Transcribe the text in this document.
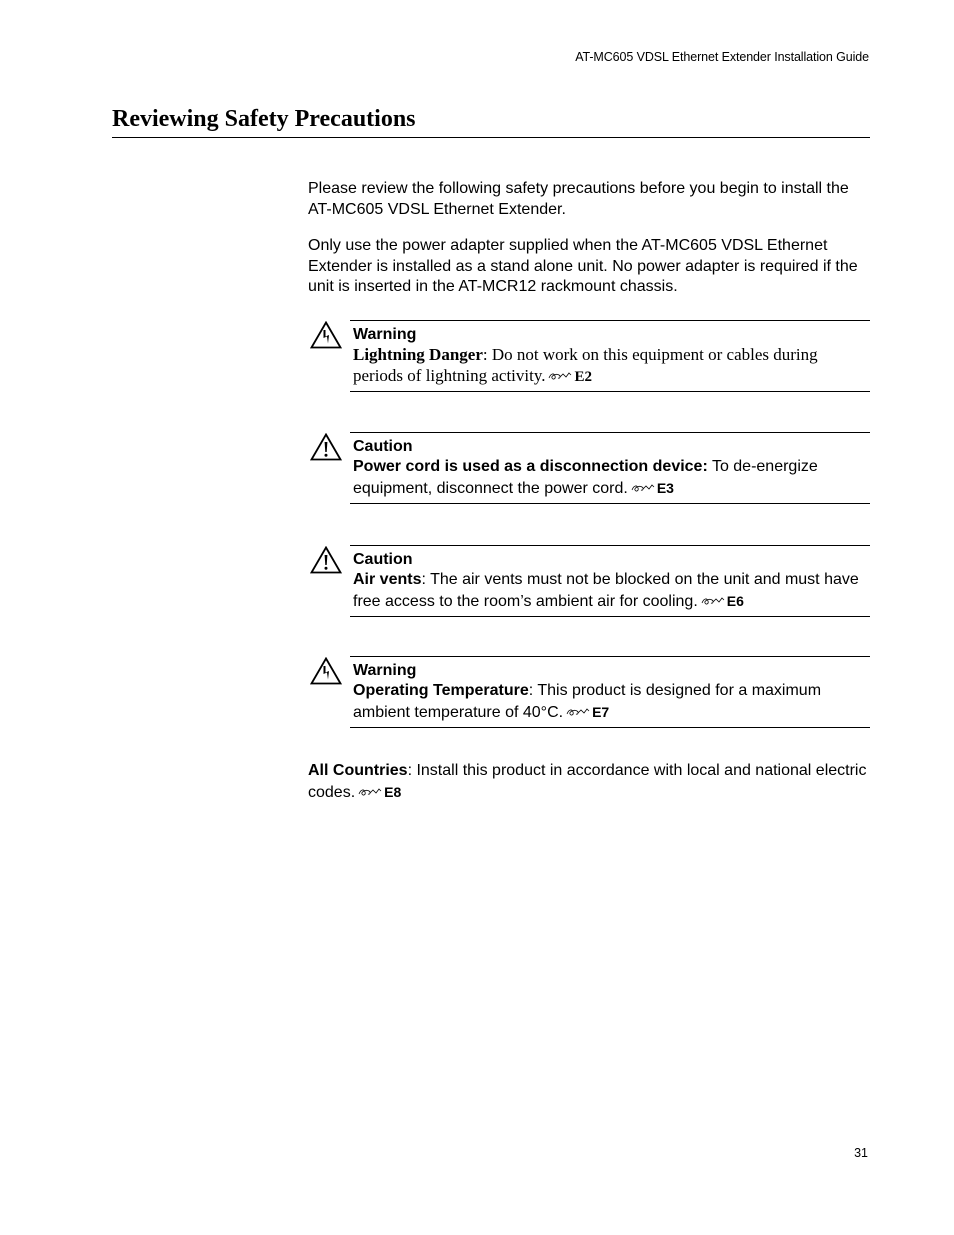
AT-MC605 VDSL Ethernet Extender Installation Guide
Reviewing Safety Precautions

Please review the following safety precautions before you begin to install the AT-MC605 VDSL Ethernet Extender.

Only use the power adapter supplied when the AT-MC605 VDSL Ethernet Extender is installed as a stand alone unit. No power adapter is required if the unit is inserted in the AT-MCR12 rackmount chassis.

Warning
Lightning Danger: Do not work on this equipment or cables during periods of lightning activity. E2
Caution
Power cord is used as a disconnection device: To de-energize equipment, disconnect the power cord. E3
Caution
Air vents: The air vents must not be blocked on the unit and must have free access to the room’s ambient air for cooling. E6
Warning
Operating Temperature: This product is designed for a maximum ambient temperature of 40°C. E7

All Countries: Install this product in accordance with local and national electric codes. E8

31
